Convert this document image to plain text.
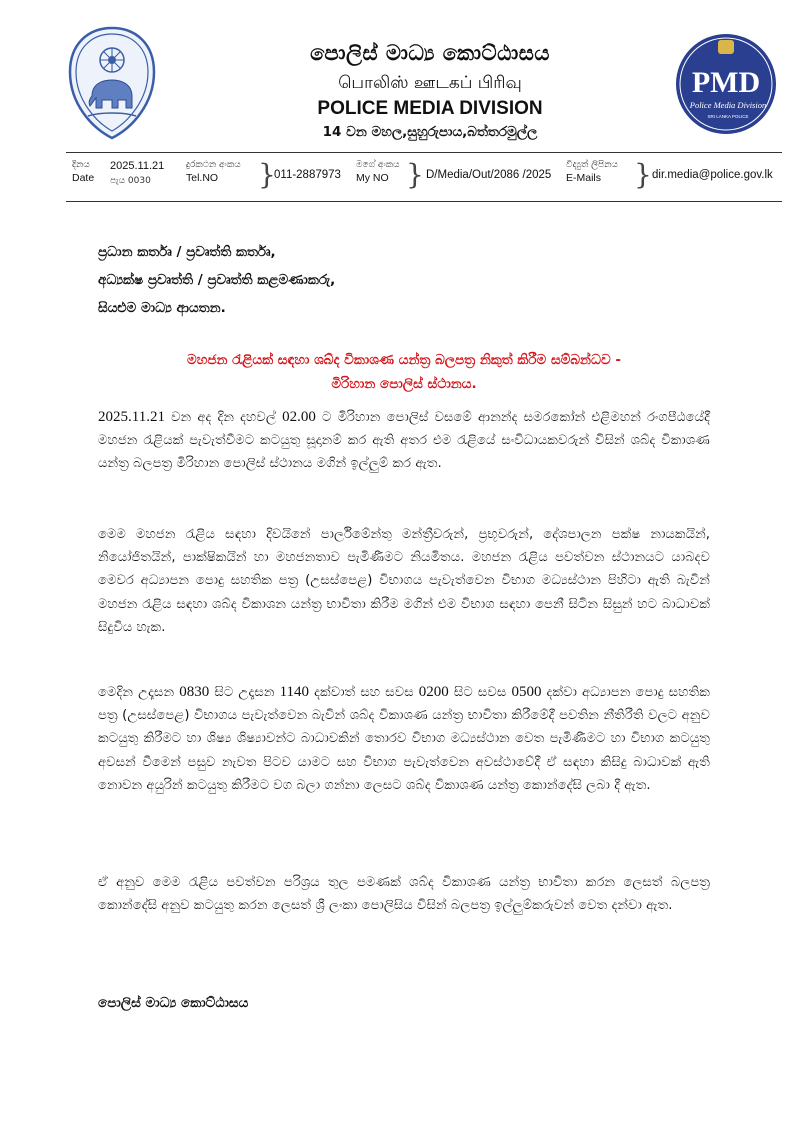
පොලිස් මාධ්‍ය කොට්ඨාසය
பொலிஸ் ஊடகப் பிரிவு
POLICE MEDIA DIVISION
14 වන මහල,සුහුරුපාය,බත්තරමුල්ල
PMD
Police Media Division
SRI LANKA POLICE
දිනය
Date
2025.11.21
පැය 0030
දුරකථන අංකය
Tel.NO	}
011-2887973
මගේ අංකය
My NO } D/Media/Out/2086 /2025
විද්‍යුත් ලිපිනය
E-Mails	} dir.media@police.gov.lk
ප්‍රධාන කර්තෘ / ප්‍රවෘත්ති කර්තෘ,
අධ්‍යක්ෂ ප්‍රවෘත්ති / ප්‍රවෘත්ති කළමණාකරු,
සියළුම මාධ්‍ය ආයතන.
මහජන රැළියක් සඳහා ශබ්ද විකාශණ යන්ත්‍ර බලපත්‍ර නිකුත් කිරීම සම්බන්ධව -
මිරිහාන පොලිස් ස්ථානය.
2025.11.21 වන අද දින දහවල් 02.00 ට මිරිහාන පොලිස් වසමේ ආනන්ද සමරකෝන් එළිමහන් රංගපීඨයේදී මහජන රැළියක් පැවැත්වීමට කටයුතු සූදානම් කර ඇති අතර එම රැළියේ සංවිධායකවරුන් විසින් ශබ්ද විකාශණ යන්ත්‍ර බලපත්‍ර මිරිහාන පොලිස් ස්ථානය මගින් ඉල්ලුම් කර ඇත.
මෙම මහජන රැළිය සඳහා දිවයිනේ පාර්ලිමේන්තු මන්ත්‍රීවරුන්, ප්‍රභූවරුන්, දේශපාලන පක්ෂ නායකයින්, නියෝජිතයින්, පාක්ෂිකයින් හා මහජනතාව පැමිණීමට නියමිතය. මහජන රැළිය පවත්වන ස්ථානයට යාබදව මෙවර අධ්‍යාපන පොදු සහතික පත්‍ර (උසස්පෙළ) විභාගය පැවැත්වෙන විභාග මධ්‍යස්ථාන පිහිටා ඇති බැවින් මහජන රැළිය සඳහා ශබ්ද විකාශන යන්ත්‍ර භාවිතා කිරීම මගින් එම විභාග සඳහා පෙනී සිටින සිසුන් හට බාධාවක් සිදුවිය හැක.
මෙදින උදෑසන 0830 සිට උදෑසන 1140 දක්වාත් සහ සවස 0200 සිට සවස 0500 දක්වා අධ්‍යාපන පොදු සහතික පත්‍ර (උසස්පෙළ) විභාගය පැවැත්වෙන බැවින් ශබ්ද විකාශණ යන්ත්‍ර භාවිතා කිරීමේදී පවතින නීතිරීති වලට අනුව කටයුතු කිරීමට හා ශිෂ්‍ය ශිෂ්‍යාවන්ට බාධාවකින් තොරව විභාග මධ්‍යස්ථාන වෙත පැමිණීමට හා විභාග කටයුතු අවසන් වීමෙන් පසුව නැවත පිටව යාමට සහ විභාග පැවැත්වෙන අවස්ථාවේදී ඒ සඳහා කිසිදු බාධාවක් ඇති නොවන අයුරින් කටයුතු කිරීමට වග බලා ගන්නා ලෙසට ශබ්ද විකාශණ යන්ත්‍ර කොන්දේසි ලබා දී ඇත.
ඒ අනුව මෙම රැළිය පවත්වන පරිශ්‍රය තුල පමණක් ශබ්ද විකාශණ යන්ත්‍ර භාවිතා කරන ලෙසත් බලපත්‍ර කොන්දේසි අනුව කටයුතු කරන ලෙසත් ශ්‍රී ලංකා පොලිසිය විසින් බලපත්‍ර ඉල්ලුම්කරුවන් වෙත දන්වා ඇත.
පොලිස් මාධ්‍ය කොට්ඨාසය
